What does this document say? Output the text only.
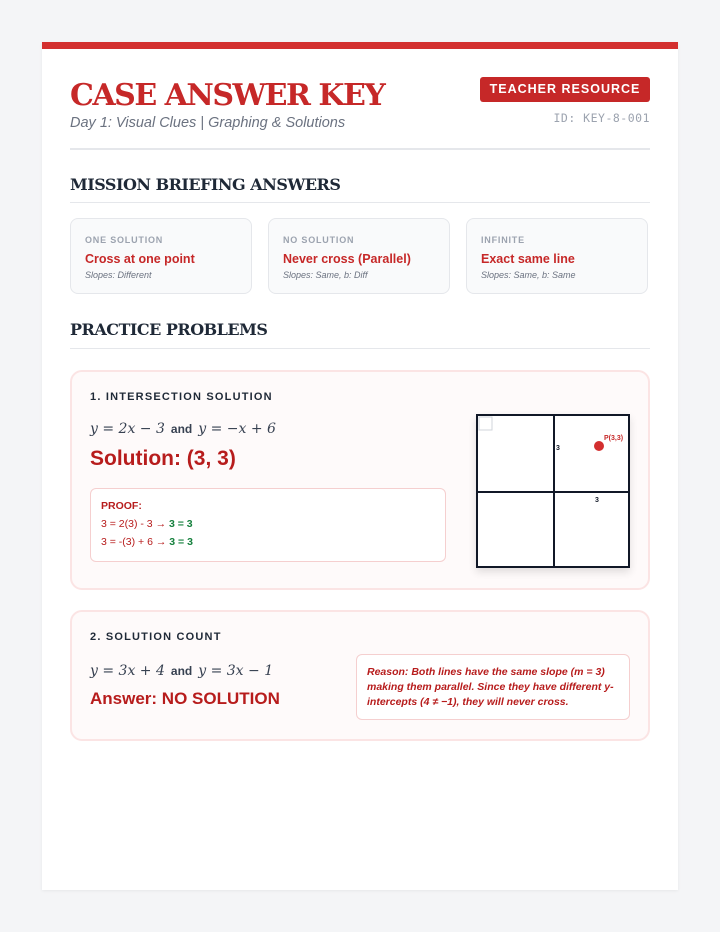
CASE ANSWER KEY
Day 1: Visual Clues | Graphing & Solutions
TEACHER RESOURCE
ID: KEY-8-001
MISSION BRIEFING ANSWERS
ONE SOLUTION
Cross at one point
Slopes: Different
NO SOLUTION
Never cross (Parallel)
Slopes: Same, b: Diff
INFINITE
Exact same line
Slopes: Same, b: Same
PRACTICE PROBLEMS
1. INTERSECTION SOLUTION
y = 2x − 3 and y = −x + 6
Solution: (3, 3)
PROOF:
3 = 2(3) - 3 → 3 = 3
3 = -(3) + 6 → 3 = 3
3
3
P(3,3)
2. SOLUTION COUNT
y = 3x + 4 and y = 3x − 1
Answer: NO SOLUTION
Reason: Both lines have the same slope (m = 3) making them parallel. Since they have different y-intercepts (4 ≠ −1), they will never cross.
